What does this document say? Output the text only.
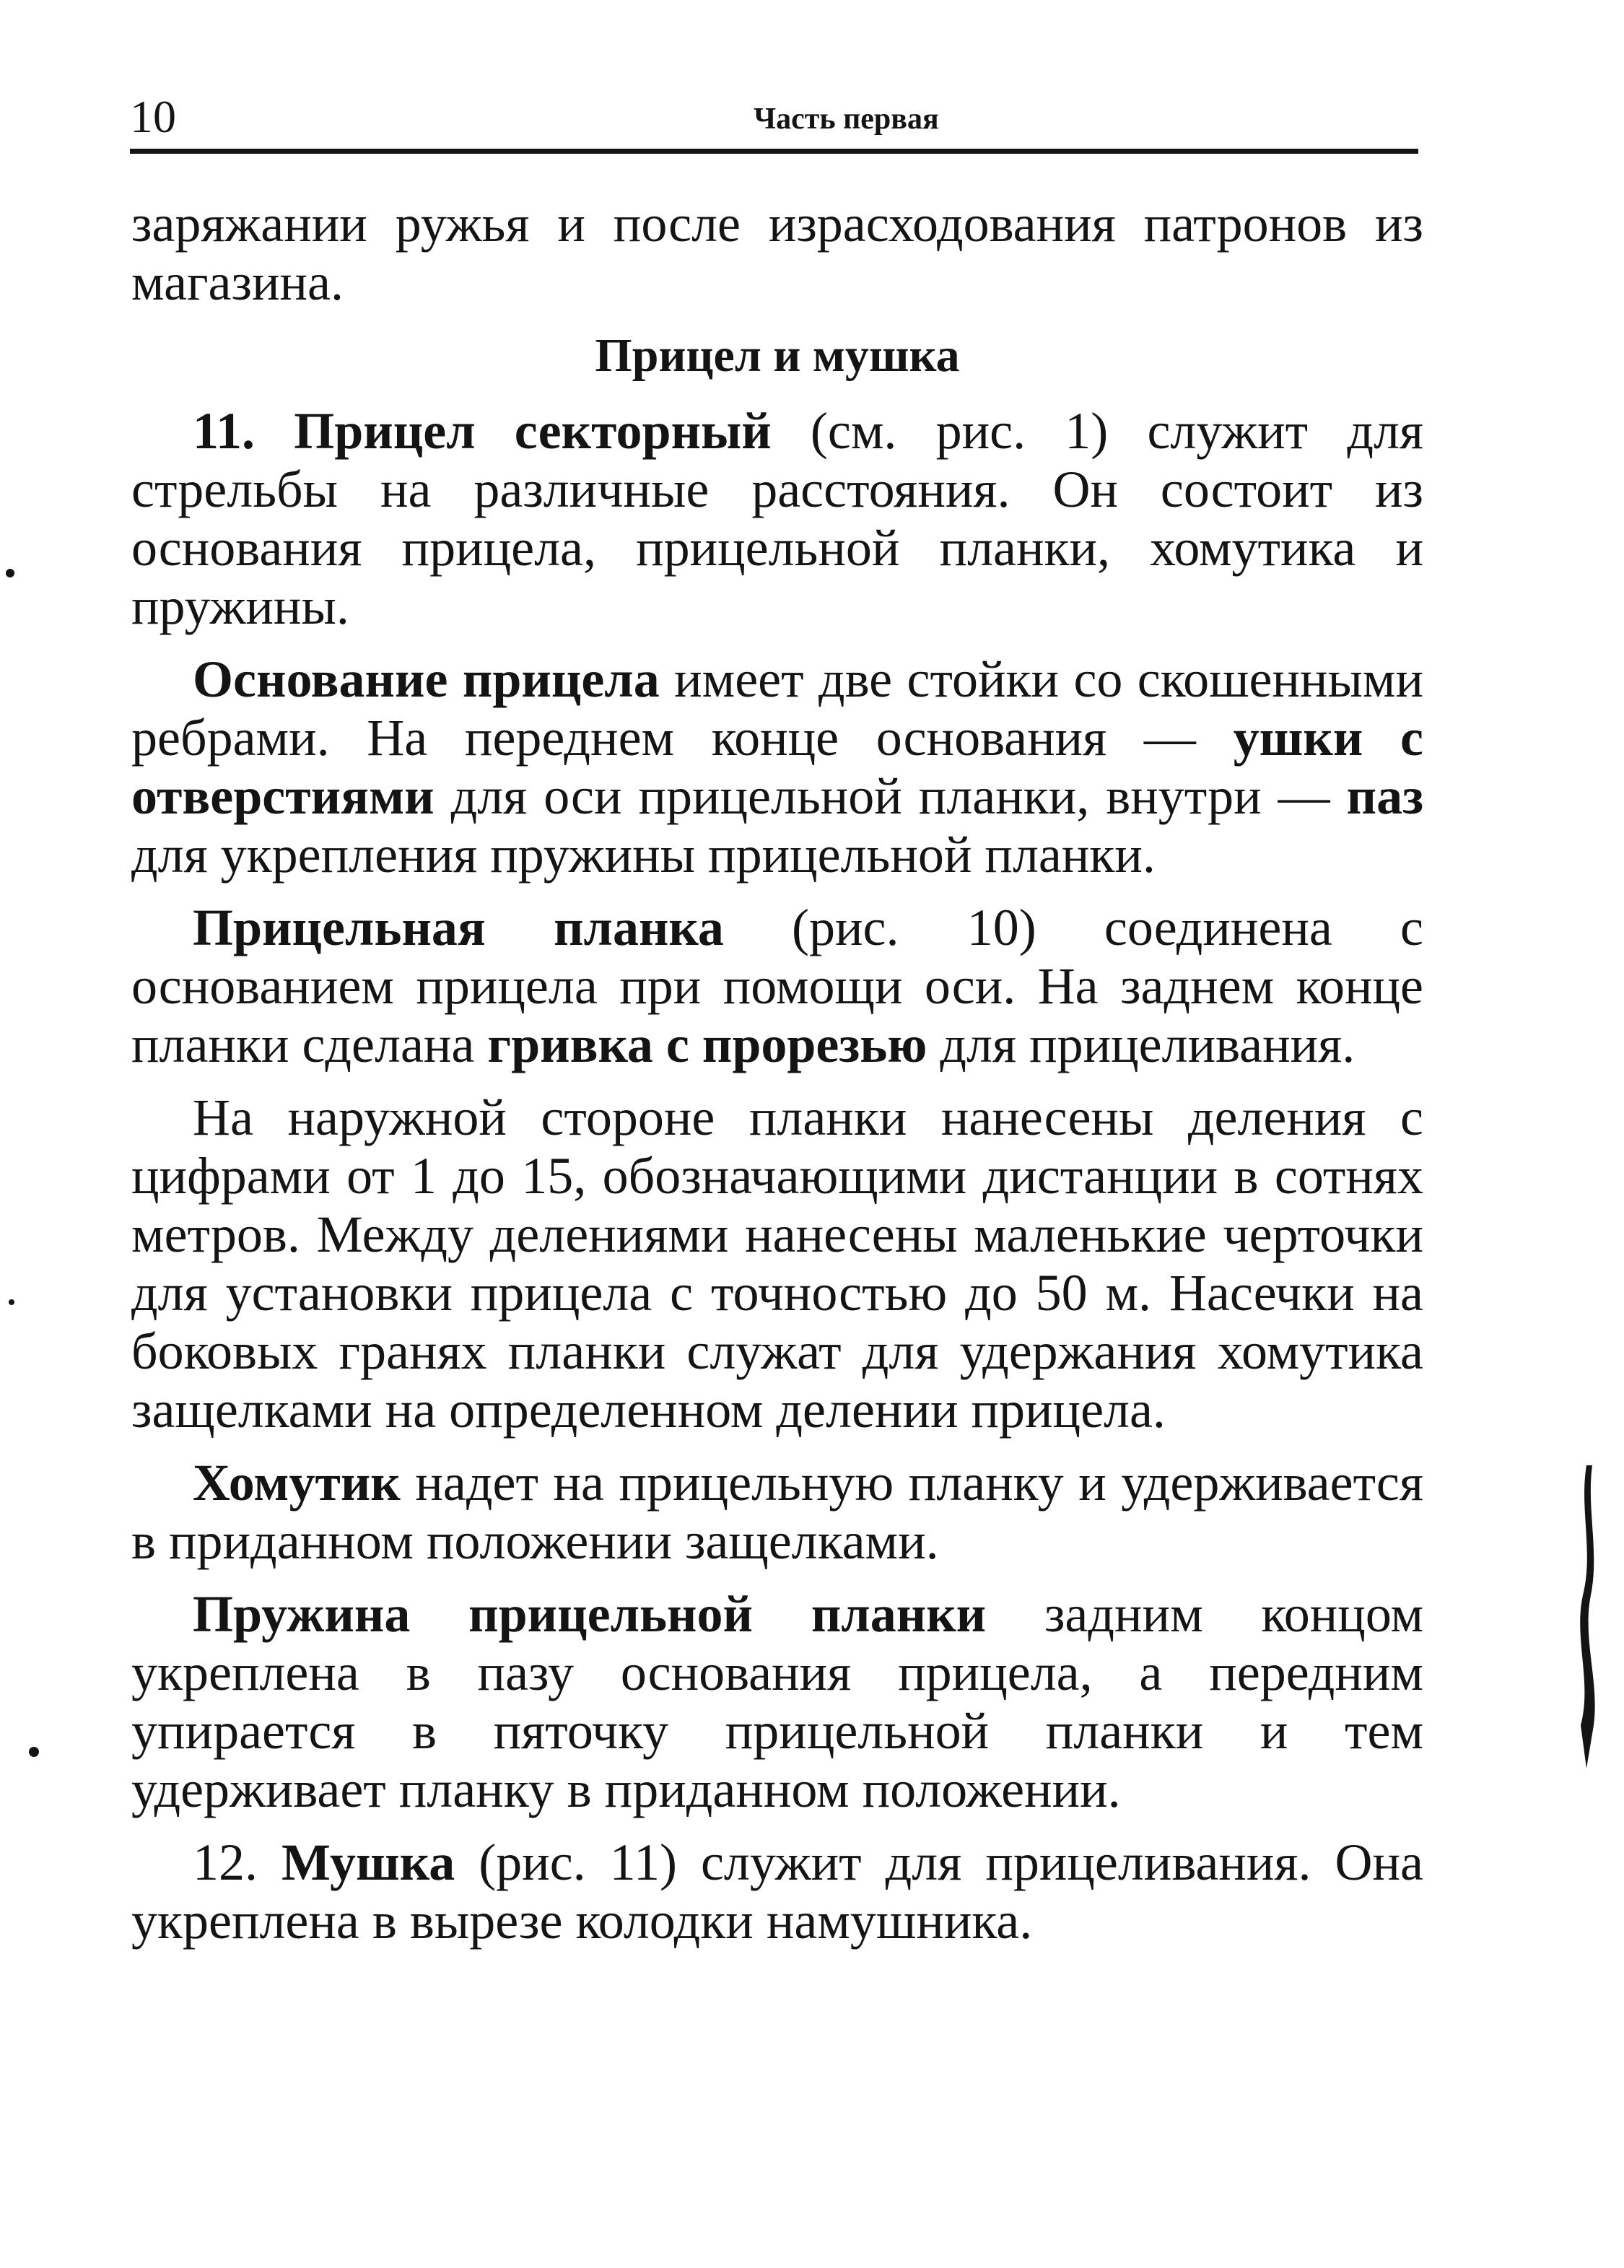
10	Часть первая

заряжании ружья и после израсходования патронов из магазина.

Прицел и мушка

11. Прицел секторный (см. рис. 1) служит для стрельбы на различные расстояния. Он состоит из основания прицела, прицельной планки, хомутика и пружины.

Основание прицела имеет две стойки со скошенными ребрами. На переднем конце основания — ушки с отверстиями для оси прицельной планки, внутри — паз для укрепления пружины прицельной планки.

Прицельная планка (рис. 10) соединена с основанием прицела при помощи оси. На заднем конце планки сделана гривка с прорезью для прицеливания.

На наружной стороне планки нанесены деления с цифрами от 1 до 15, обозначающими дистанции в сотнях метров. Между делениями нанесены маленькие черточки для установки прицела с точностью до 50 м. Насечки на боковых гранях планки служат для удержания хомутика защелками на определенном делении прицела.

Хомутик надет на прицельную планку и удерживается в приданном положении защелками.

Пружина прицельной планки задним концом укреплена в пазу основания прицела, а передним упирается в пяточку прицельной планки и тем удерживает планку в приданном положении.

12. Мушка (рис. 11) служит для прицеливания. Она укреплена в вырезе колодки намушника.
